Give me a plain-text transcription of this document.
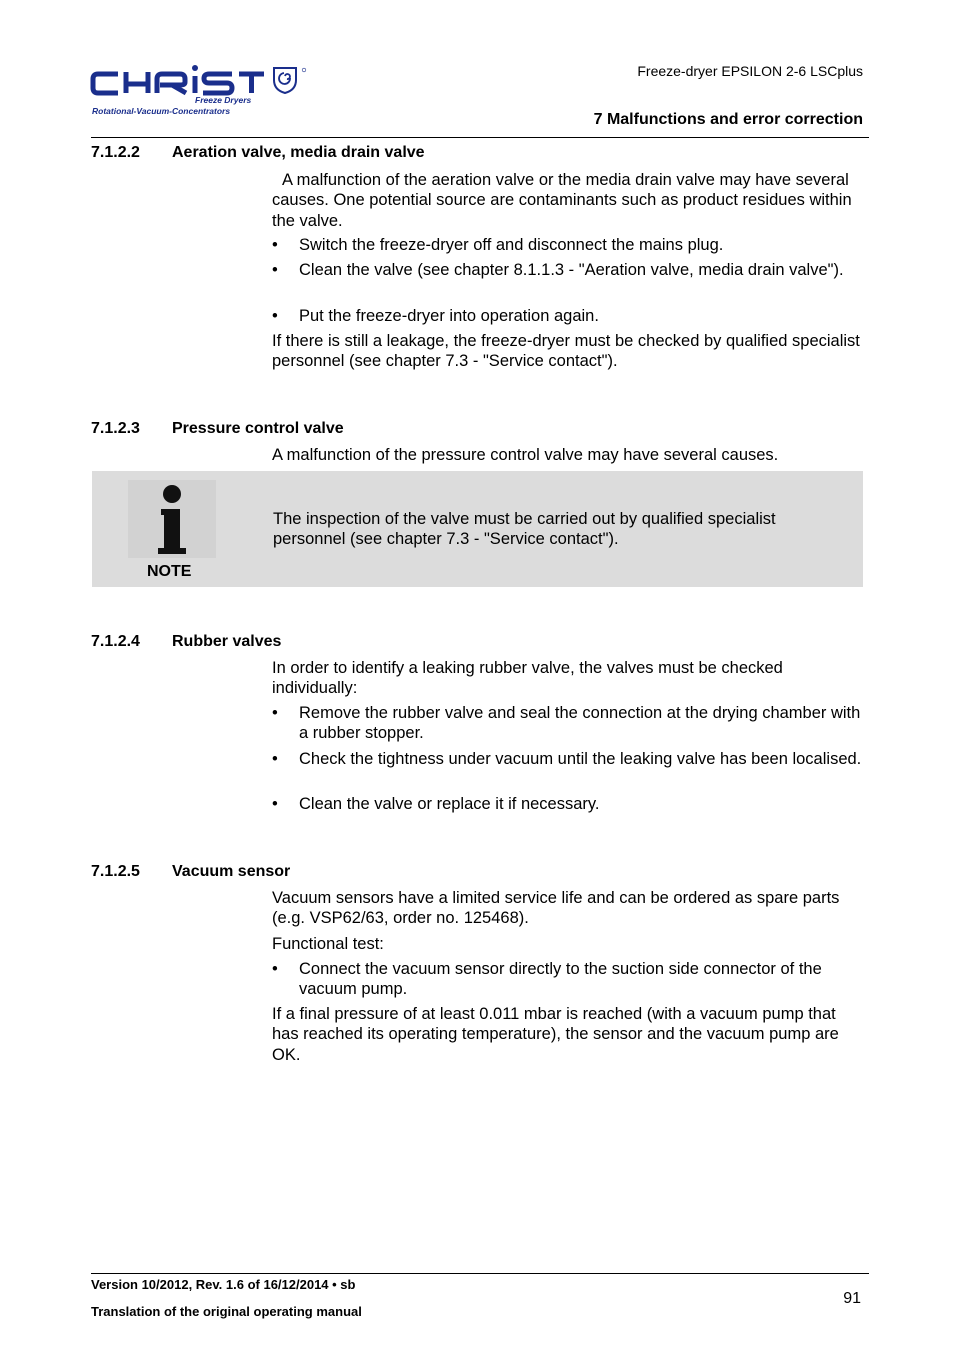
Freeze Dryers
Rotational-Vacuum-Concentrators
Freeze-dryer EPSILON 2-6 LSCplus
7 Malfunctions and error correction
7.1.2.2 Aeration valve, media drain valve
A malfunction of the aeration valve or the media drain valve may have several causes. One potential source are contaminants such as product residues within the valve.
• Switch the freeze-dryer off and disconnect the mains plug.
• Clean the valve (see chapter 8.1.1.3 - "Aeration valve, media drain valve").
• Put the freeze-dryer into operation again.
If there is still a leakage, the freeze-dryer must be checked by qualified specialist personnel (see chapter 7.3 - "Service contact").
7.1.2.3 Pressure control valve
A malfunction of the pressure control valve may have several causes.
NOTE
The inspection of the valve must be carried out by qualified specialist personnel (see chapter 7.3 - "Service contact").
7.1.2.4 Rubber valves
In order to identify a leaking rubber valve, the valves must be checked individually:
• Remove the rubber valve and seal the connection at the drying chamber with a rubber stopper.
• Check the tightness under vacuum until the leaking valve has been localised.
• Clean the valve or replace it if necessary.
7.1.2.5 Vacuum sensor
Vacuum sensors have a limited service life and can be ordered as spare parts (e.g. VSP62/63, order no. 125468).
Functional test:
• Connect the vacuum sensor directly to the suction side connector of the vacuum pump.
If a final pressure of at least 0.011 mbar is reached (with a vacuum pump that has reached its operating temperature), the sensor and the vacuum pump are OK.
Version 10/2012, Rev. 1.6 of 16/12/2014 • sb
Translation of the original operating manual
91
